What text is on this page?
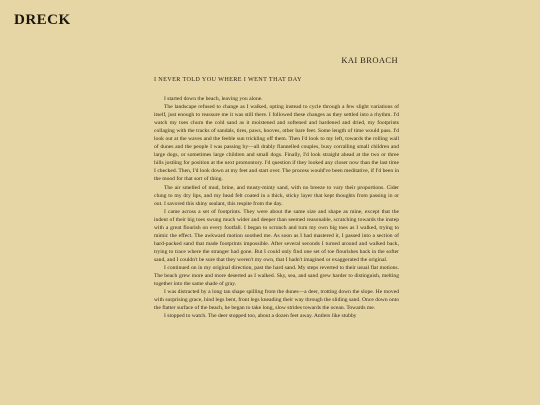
DRECK
KAI BROACH
I NEVER TOLD YOU WHERE I WENT THAT DAY

I started down the beach, leaving you alone.

The landscape refused to change as I walked, opting instead to cycle through a few slight variations of itself, just enough to reassure me it was still there. I followed these changes as they settled into a rhythm. I'd watch my toes churn the cold sand as it moistened and softened and hardened and dried, my footprints collaging with the tracks of sandals, tires, paws, hooves, other bare feet. Some length of time would pass. I'd look out at the waves and the feeble sun trickling off them. Then I'd look to my left, towards the rolling wall of dunes and the people I was passing by—all drably flannelled couples, busy corralling small children and large dogs, or sometimes large children and small dogs. Finally, I'd look straight ahead at the two or three hills jostling for position at the next promontory. I'd question if they looked any closer now than the last time I checked. Then, I'd look down at my feet and start over. The process would've been meditative, if I'd been in the mood for that sort of thing.

The air smelled of mud, brine, and musty-minty sand, with no breeze to vary their proportions. Cider clung to my dry lips, and my head felt coated in a thick, sticky layer that kept thoughts from passing in or out. I savored this shiny sealant, this respite from the day.

I came across a set of footprints. They were about the same size and shape as mine, except that the indent of their big toes swung much wider and deeper than seemed reasonable, scratching towards the instep with a great flourish on every footfall. I began to scrunch and turn my own big toes as I walked, trying to mimic the effect. The awkward motion soothed me. As soon as I had mastered it, I passed into a section of hard-packed sand that made footprints impossible. After several seconds I turned around and walked back, trying to trace where the stranger had gone. But I could only find one set of toe flourishes back in the softer sand, and I couldn't be sure that they weren't my own, that I hadn't imagined or exaggerated the original.

I continued on in my original direction, past the hard sand. My steps reverted to their usual flat motions. The beach grew more and more deserted as I walked. Sky, sea, and sand grew harder to distinguish, melting together into the same shade of gray.

I was distracted by a long tan shape spilling from the dunes—a deer, trotting down the slope. He moved with surprising grace, hind legs bent, front legs kneading their way through the sliding sand. Once down onto the flatter surface of the beach, he began to take long, slow strides towards the ocean. Towards me.

I stopped to watch. The deer stopped too, about a dozen feet away. Antlers like stubby
